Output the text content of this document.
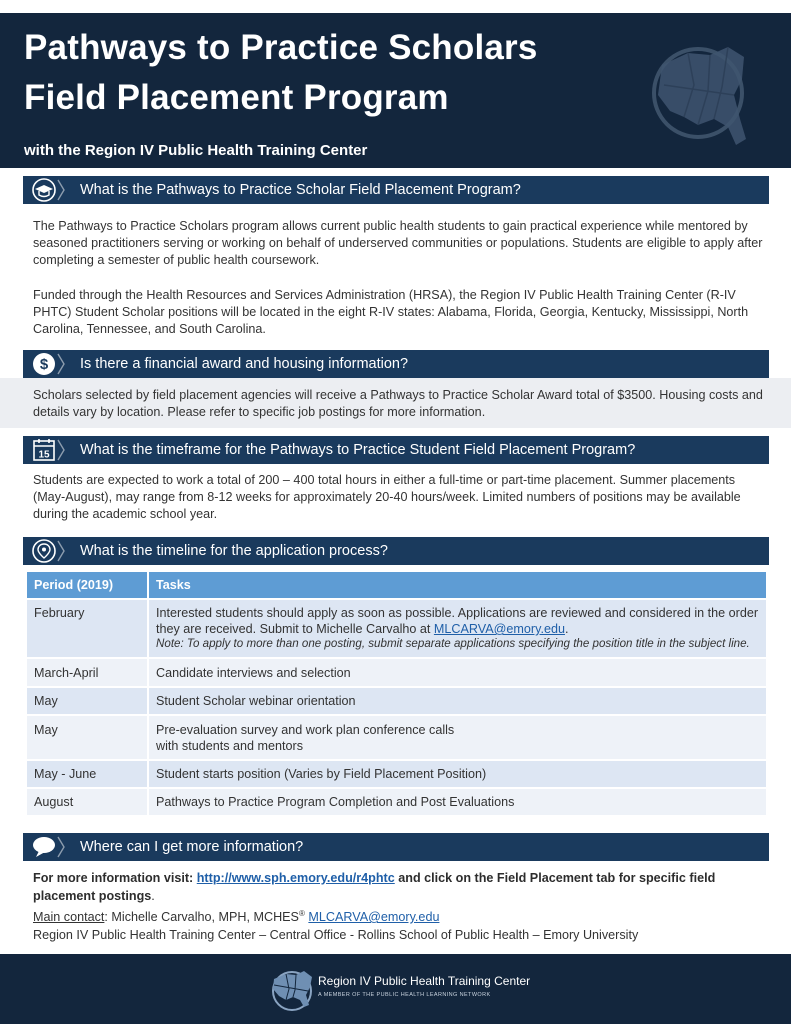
Pathways to Practice Scholars
Field Placement Program
with the Region IV Public Health Training Center
What is the Pathways to Practice Scholar Field Placement Program?

The Pathways to Practice Scholars program allows current public health students to gain practical experience while mentored by seasoned practitioners serving or working on behalf of underserved communities or populations. Students are eligible to apply after completing a semester of public health coursework.

Funded through the Health Resources and Services Administration (HRSA), the Region IV Public Health Training Center (R-IV PHTC) Student Scholar positions will be located in the eight R-IV states: Alabama, Florida, Georgia, Kentucky, Mississippi, North Carolina, Tennessee, and South Carolina.

$ Is there a financial award and housing information?

Scholars selected by field placement agencies will receive a Pathways to Practice Scholar Award total of $3500. Housing costs and details vary by location. Please refer to specific job postings for more information.

15 What is the timeframe for the Pathways to Practice Student Field Placement Program?

Students are expected to work a total of 200 – 400 total hours in either a full-time or part-time placement. Summer placements (May-August), may range from 8-12 weeks for approximately 20-40 hours/week. Limited numbers of positions may be available during the academic school year.

What is the timeline for the application process?
Period (2019)	Tasks

February	Interested students should apply as soon as possible. Applications are reviewed and considered in the order they are received. Submit to Michelle Carvalho at MLCARVA@emory.edu.
Note: To apply to more than one posting, submit separate applications specifying the position title in the subject line.

March-April	Candidate interviews and selection

May	Student Scholar webinar orientation

May	Pre-evaluation survey and work plan conference calls
with students and mentors

May - June	Student starts position (Varies by Field Placement Position)

August	Pathways to Practice Program Completion and Post Evaluations
Where can I get more information?
For more information visit: http://www.sph.emory.edu/r4phtc and click on the Field Placement tab for specific field placement postings.
Main contact: Michelle Carvalho, MPH, MCHES® MLCARVA@emory.edu
Region IV Public Health Training Center – Central Office - Rollins School of Public Health – Emory University
Region IV Public Health Training Center
A MEMBER OF THE PUBLIC HEALTH LEARNING NETWORK
